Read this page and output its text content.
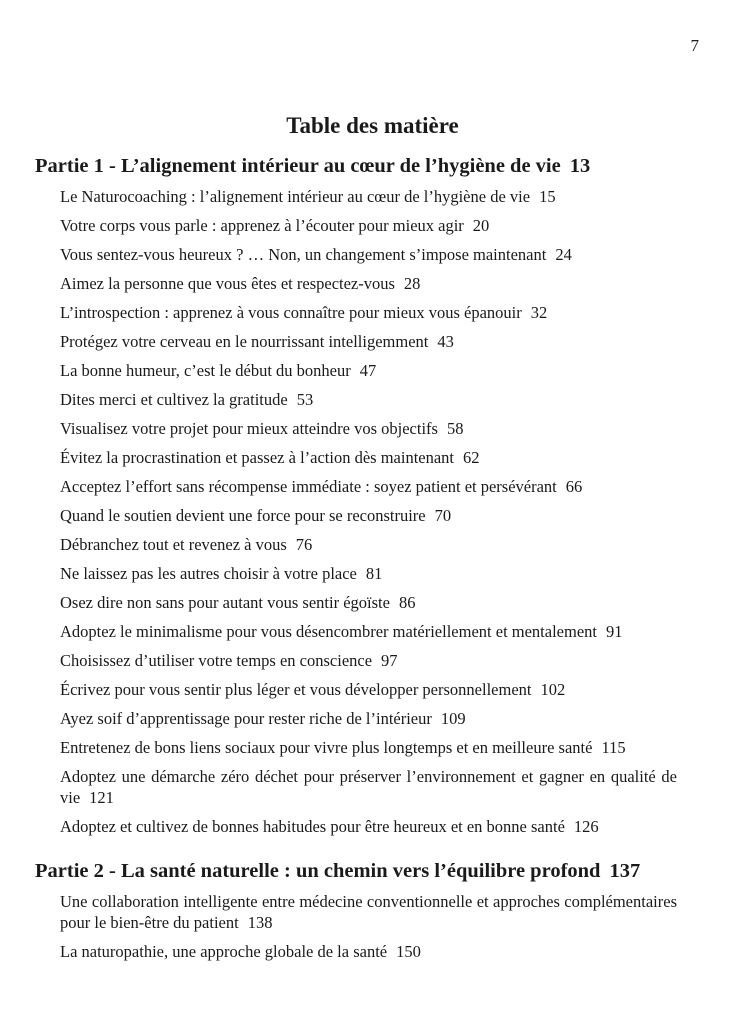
7
Table des matière
Partie 1 - L’alignement intérieur au cœur de l’hygiène de vie 13
Le Naturocoaching : l’alignement intérieur au cœur de l’hygiène de vie 15
Votre corps vous parle : apprenez à l’écouter pour mieux agir 20
Vous sentez-vous heureux ? … Non, un changement s’impose maintenant 24
Aimez la personne que vous êtes et respectez-vous 28
L’introspection : apprenez à vous connaître pour mieux vous épanouir 32
Protégez votre cerveau en le nourrissant intelligemment 43
La bonne humeur, c’est le début du bonheur 47
Dites merci et cultivez la gratitude 53
Visualisez votre projet pour mieux atteindre vos objectifs 58
Évitez la procrastination et passez à l’action dès maintenant 62
Acceptez l’effort sans récompense immédiate : soyez patient et persévérant 66
Quand le soutien devient une force pour se reconstruire 70
Débranchez tout et revenez à vous 76
Ne laissez pas les autres choisir à votre place 81
Osez dire non sans pour autant vous sentir égoïste 86
Adoptez le minimalisme pour vous désencombrer matériellement et mentalement 91
Choisissez d’utiliser votre temps en conscience 97
Écrivez pour vous sentir plus léger et vous développer personnellement 102
Ayez soif d’apprentissage pour rester riche de l’intérieur 109
Entretenez de bons liens sociaux pour vivre plus longtemps et en meilleure santé 115
Adoptez une démarche zéro déchet pour préserver l’environnement et gagner en qualité de vie 121
Adoptez et cultivez de bonnes habitudes pour être heureux et en bonne santé 126
Partie 2 - La santé naturelle : un chemin vers l’équilibre profond 137
Une collaboration intelligente entre médecine conventionnelle et approches complémentaires pour le bien-être du patient 138
La naturopathie, une approche globale de la santé 150
